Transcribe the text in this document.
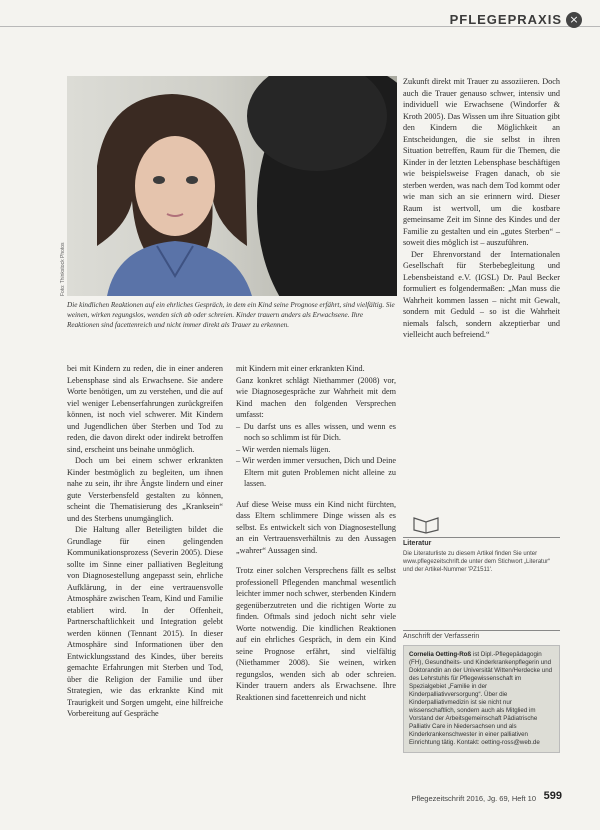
PFLEGEPRAXIS ×
Foto: Thinkstock Photos
Die kindlichen Reaktionen auf ein ehrliches Gespräch, in dem ein Kind seine Prognose erfährt, sind vielfältig. Sie weinen, wirken regungslos, wenden sich ab oder schreien. Kinder trauern anders als Erwachsene. Ihre Reaktionen sind facettenreich und nicht immer direkt als Trauer zu erkennen.

Zukunft direkt mit Trauer zu assoziieren. Doch auch die Trauer genauso schwer, intensiv und individuell wie Erwachsene (Windorfer & Kroth 2005). Das Wissen um ihre Situation gibt den Kindern die Möglichkeit an Entscheidungen, die sie selbst in ihren Situation betreffen, Raum für die Themen, die Kinder in der letzten Lebensphase beschäftigen wie beispielsweise Fragen danach, ob sie sterben werden, was nach dem Tod kommt oder wie man sich an sie erinnern wird. Dieser Raum ist wertvoll, um die kostbare gemeinsame Zeit im Sinne des Kindes und der Familie zu gestalten und ein „gutes Sterben“ – soweit dies möglich ist – auszuführen.

Der Ehrenvorstand der Internationalen Gesellschaft für Sterbebegleitung und Lebensbeistand e.V. (IGSL) Dr. Paul Becker formuliert es folgendermaßen: „Man muss die Wahrheit kommen lassen – nicht mit Gewalt, sondern mit Geduld – so ist die Wahrheit niemals falsch, sondern akzeptierbar und vielleicht auch befreiend.“

bei mit Kindern zu reden, die in einer anderen Lebensphase sind als Erwachsene. Sie andere Worte benötigen, um zu verstehen, und die auf viel weniger Lebenserfahrungen zurückgreifen können, ist noch viel schwerer. Mit Kindern und Jugendlichen über Sterben und Tod zu reden, die davon direkt oder indirekt betroffen sind, erscheint uns beinahe unmöglich.

Doch um bei einem schwer erkrankten Kinder bestmöglich zu begleiten, um ihnen nahe zu sein, ihr ihre Ängste lindern und einer gute Versterbensfeld gestalten zu können, scheint die Thematisierung des „Kranksein“ und des Sterbens unumgänglich.

Die Haltung aller Beteiligten bildet die Grundlage für einen gelingenden Kommunikationsprozess (Severin 2005). Diese sollte im Sinne einer palliativen Begleitung von Diagnosestellung angepasst sein, ehrliche Aufklärung, in der eine vertrauensvolle Atmosphäre zwischen Team, Kind und Familie etabliert wird. In der Offenheit, Partnerschaftlichkeit und Integration gelebt werden können (Tennant 2015). In dieser Atmosphäre sind Informationen über den Entwicklungsstand des Kindes, über bereits gemachte Erfahrungen mit Sterben und Tod, über die Religion der Familie und über Strategien, wie das erkrankte Kind mit Traurigkeit und Sorgen umgeht, eine hilfreiche Vorbereitung auf Gespräche

mit Kindern mit einer erkrankten Kind.

Ganz konkret schlägt Niethammer (2008) vor, wie Diagnosegespräche zur Wahrheit mit dem Kind machen den folgenden Versprechen umfasst:

– Du darfst uns es alles wissen, und wenn es noch so schlimm ist für Dich.
– Wir werden niemals lügen.
– Wir werden immer versuchen, Dich und Deine Eltern mit guten Problemen nicht alleine zu lassen.

Auf diese Weise muss ein Kind nicht fürchten, dass Eltern schlimmere Dinge wissen als es selbst. Es entwickelt sich von Diagnosestellung an ein Vertrauensverhältnis zu den Aussagen „wahrer“ Aussagen sind.

Trotz einer solchen Versprechens fällt es selbst professionell Pflegenden manchmal wesentlich leichter immer noch schwer, sterbenden Kindern gegenüberzutreten und die richtigen Worte zu finden. Oftmals sind jedoch nicht sehr viele Worte notwendig. Die kindlichen Reaktionen auf ein ehrliches Gespräch, in dem ein Kind seine Prognose erfährt, sind vielfältig (Niethammer 2008). Sie weinen, wirken regungslos, wenden sich ab oder schreien. Kinder trauern anders als Erwachsene. Ihre Reaktionen sind facettenreich und nicht

Literatur
Die Literaturliste zu diesem Artikel finden Sie unter www.pflegezeitschrift.de unter dem Stichwort „Literatur“ und der Artikel-Nummer 'PZ1511'.
Anschrift der Verfasserin
Cornelia Oetting-Roß ist Dipl.-Pflegepädagogin (FH), Gesundheits- und Kinderkrankenpflegerin und Doktorandin an der Universität Witten/Herdecke und des Lehrstuhls für Pflegewissenschaft im Spezialgebiet „Familie in der Kinderpalliativversorgung“. Über die Kinderpalliativmedizin ist sie nicht nur wissenschaftlich, sondern auch als Mitglied im Vorstand der Arbeitsgemeinschaft Pädiatrische Palliativ Care in Niedersachsen und als Kinderkrankenschwester in einer palliativen Einrichtung tätig. Kontakt: oetting-ross@web.de
Pflegezeitschrift 2016, Jg. 69, Heft 10 599
